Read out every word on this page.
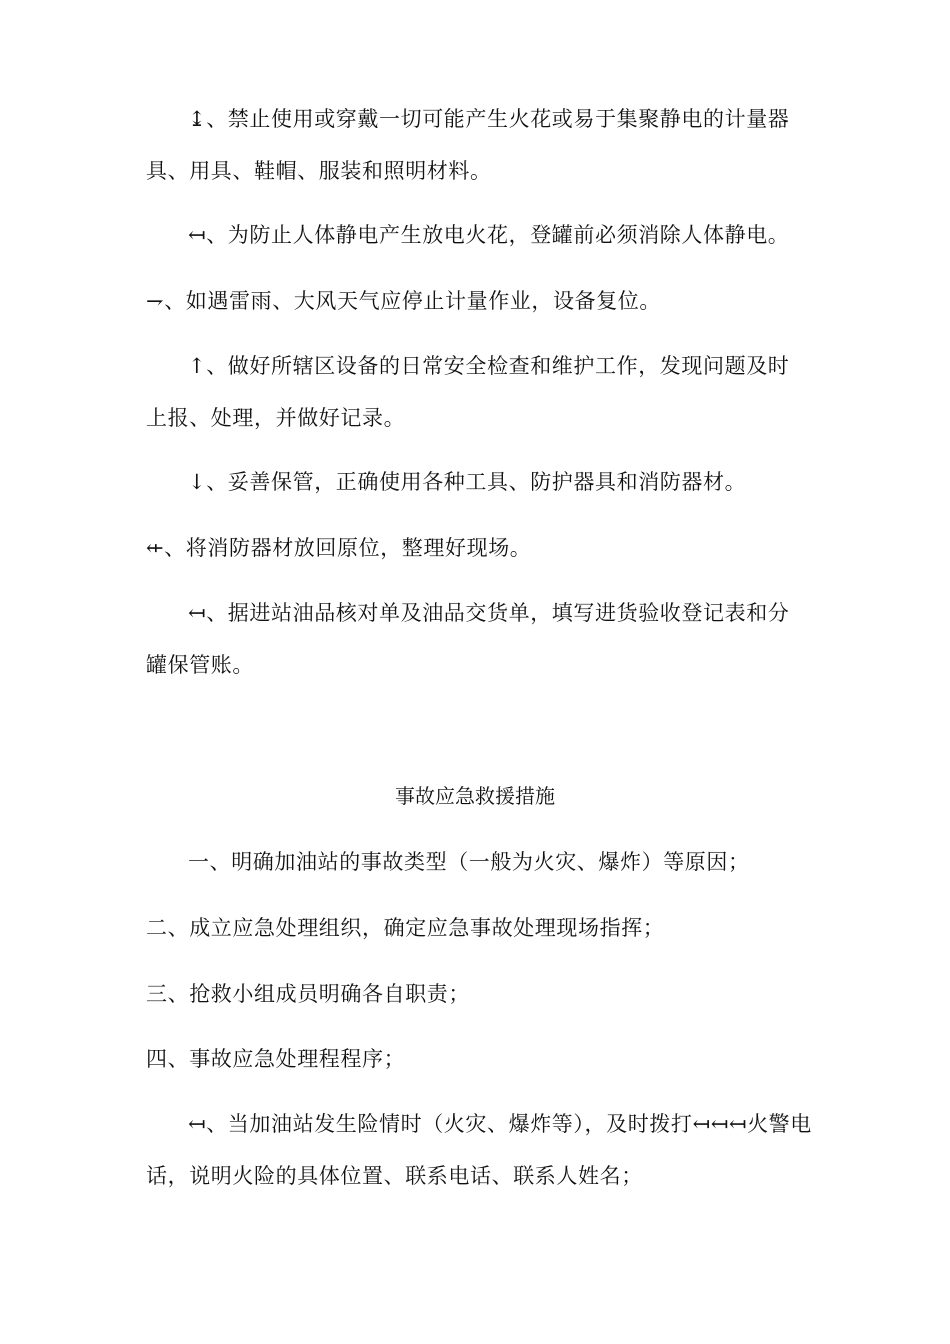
↨、禁止使用或穿戴一切可能产生火花或易于集聚静电的计量器
具、用具、鞋帽、服装和照明材料。
↤、为防止人体静电产生放电火花，登罐前必须消除人体静电。
⇁、如遇雷雨、大风天气应停止计量作业，设备复位。
↑、做好所辖区设备的日常安全检查和维护工作，发现问题及时
上报、处理，并做好记录。
↓、妥善保管，正确使用各种工具、防护器具和消防器材。
⇷、将消防器材放回原位，整理好现场。
↤、据进站油品核对单及油品交货单，填写进货验收登记表和分
罐保管账。
事故应急救援措施
一、明确加油站的事故类型（一般为火灾、爆炸）等原因；
二、成立应急处理组织，确定应急事故处理现场指挥；
三、抢救小组成员明确各自职责；
四、事故应急处理程程序；
↤、当加油站发生险情时（火灾、爆炸等），及时拨打↤↤↤火警电
话，说明火险的具体位置、联系电话、联系人姓名；
